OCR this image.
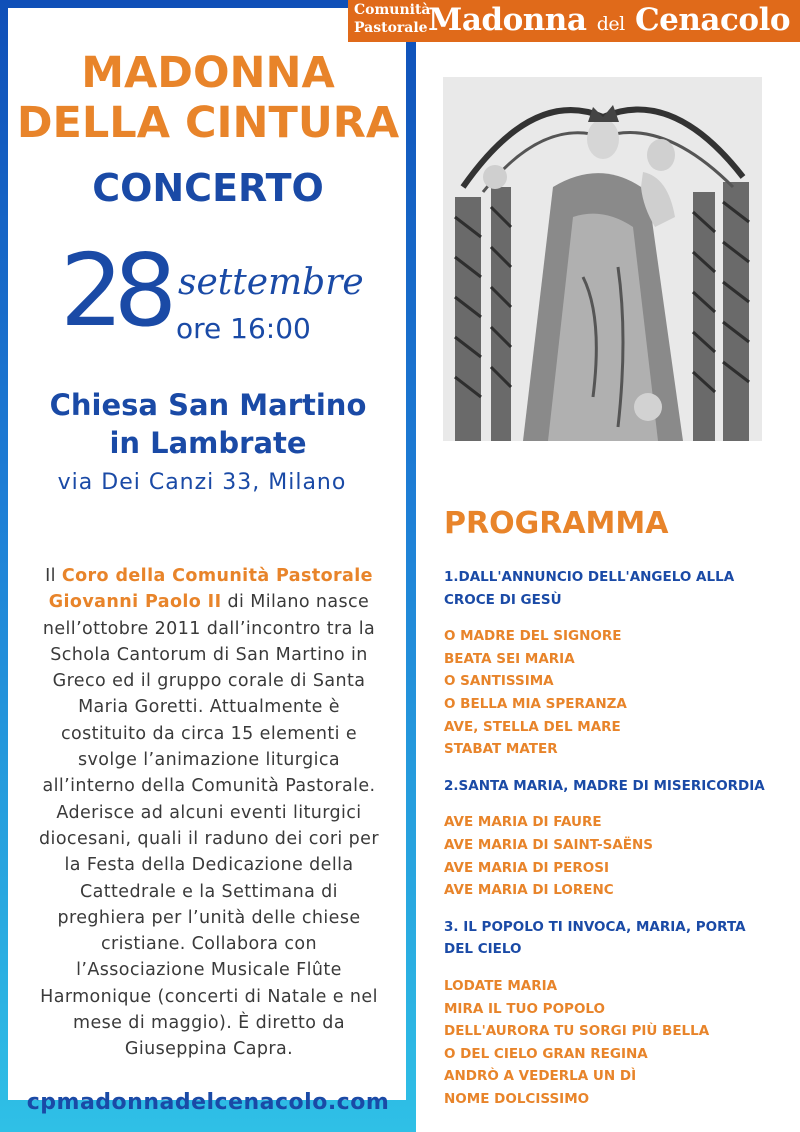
MADONNA
DELLA CINTURA
CONCERTO
28 settembre
ore 16:00
Chiesa San Martino
in Lambrate
via Dei Canzi 33, Milano
Il Coro della Comunità Pastorale Giovanni Paolo II di Milano nasce nell’ottobre 2011 dall’incontro tra la Schola Cantorum di San Martino in Greco ed il gruppo corale di Santa Maria Goretti. Attualmente è costituito da circa 15 elementi e svolge l’animazione liturgica all’interno della Comunità Pastorale. Aderisce ad alcuni eventi liturgici diocesani, quali il raduno dei cori per la Festa della Dedicazione della Cattedrale e la Settimana di preghiera per l’unità delle chiese cristiane. Collabora con l’Associazione Musicale Flûte Harmonique (concerti di Natale e nel mese di maggio). È diretto da Giuseppina Capra.
cpmadonnadelcenacolo.com
Comunità
Pastorale Madonna del Cenacolo
PROGRAMMA
1.DALL'ANNUNCIO DELL'ANGELO ALLA
CROCE DI GESÙ
O MADRE DEL SIGNORE
BEATA SEI MARIA
O SANTISSIMA
O BELLA MIA SPERANZA
AVE, STELLA DEL MARE
STABAT MATER
2.SANTA MARIA, MADRE DI MISERICORDIA
AVE MARIA DI FAURE
AVE MARIA DI SAINT-SAËNS
AVE MARIA DI PEROSI
AVE MARIA DI LORENC
3. IL POPOLO TI INVOCA, MARIA, PORTA
DEL CIELO
LODATE MARIA
MIRA IL TUO POPOLO
DELL'AURORA TU SORGI PIÙ BELLA
O DEL CIELO GRAN REGINA
ANDRÒ A VEDERLA UN DÌ
NOME DOLCISSIMO
